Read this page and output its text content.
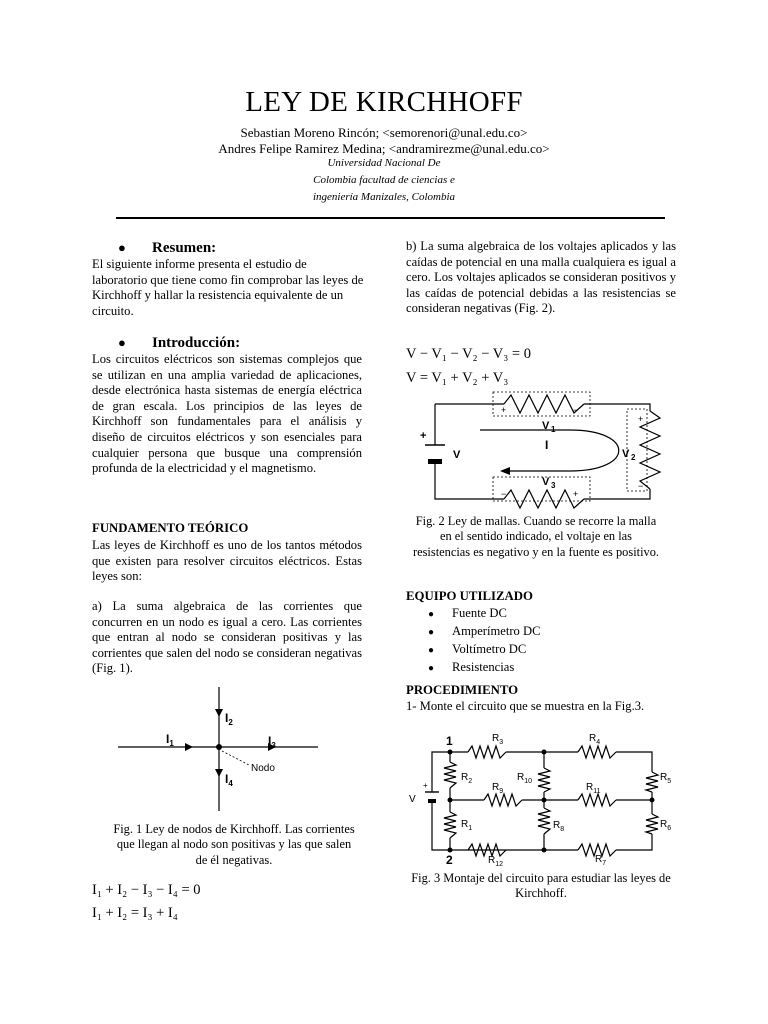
LEY DE KIRCHHOFF
Sebastian Moreno Rincón; <semorenori@unal.edu.co>
Andres Felipe Ramirez Medina; <andramirezme@unal.edu.co>
Universidad Nacional De
Colombia facultad de ciencias e
ingeniería Manizales, Colombia
● Resumen:
El siguiente informe presenta el estudio de laboratorio que tiene como fin comprobar las leyes de Kirchhoff y hallar la resistencia equivalente de un circuito.
● Introducción:
Los circuitos eléctricos son sistemas complejos que se utilizan en una amplia variedad de aplicaciones, desde electrónica hasta sistemas de energía eléctrica de gran escala. Los principios de las leyes de Kirchhoff son fundamentales para el análisis y diseño de circuitos eléctricos y son esenciales para cualquier persona que busque una comprensión profunda de la electricidad y el magnetismo.
FUNDAMENTO TEÓRICO
Las leyes de Kirchhoff es uno de los tantos métodos que existen para resolver circuitos eléctricos. Estas leyes son:
a) La suma algebraica de las corrientes que concurren en un nodo es igual a cero. Las corrientes que entran al nodo se consideran positivas y las corrientes que salen del nodo se consideran negativas (Fig. 1).
$I_1$
$I_2$
$I_3$
$I_4$
Nodo
Fig. 1 Ley de nodos de Kirchhoff. Las corrientes que llegan al nodo son positivas y las que salen de él negativas.
I₁ + I₂ − I₃ − I₄ = 0
I₁ + I₂ = I₃ + I₄
b) La suma algebraica de los voltajes aplicados y las caídas de potencial en una malla cualquiera es igual a cero. Los voltajes aplicados se consideran positivos y las caídas de potencial debidas a las resistencias se consideran negativas (Fig. 2).
V − V₁ − V₂ − V₃ = 0
V = V₁ + V₂ + V₃
+
V
V 1
V 2
V 3
I
+	−
+
−
−	+
Fig. 2 Ley de mallas. Cuando se recorre la malla en el sentido indicado, el voltaje en las resistencias es negativo y en la fuente es positivo.
EQUIPO UTILIZADO
● Fuente DC
● Amperímetro DC
● Voltímetro DC
● Resistencias
PROCEDIMIENTO
1- Monte el circuito que se muestra en la Fig.3.
1
2
V
+
$R_3$	$R_4$
$R_5$
$R_6$
$R_2$
$R_1$
$R_9$
$R_{10}$
$R_{11}$
$R_8$
$R_{12}$	$R_7$
Fig. 3 Montaje del circuito para estudiar las leyes de Kirchhoff.
